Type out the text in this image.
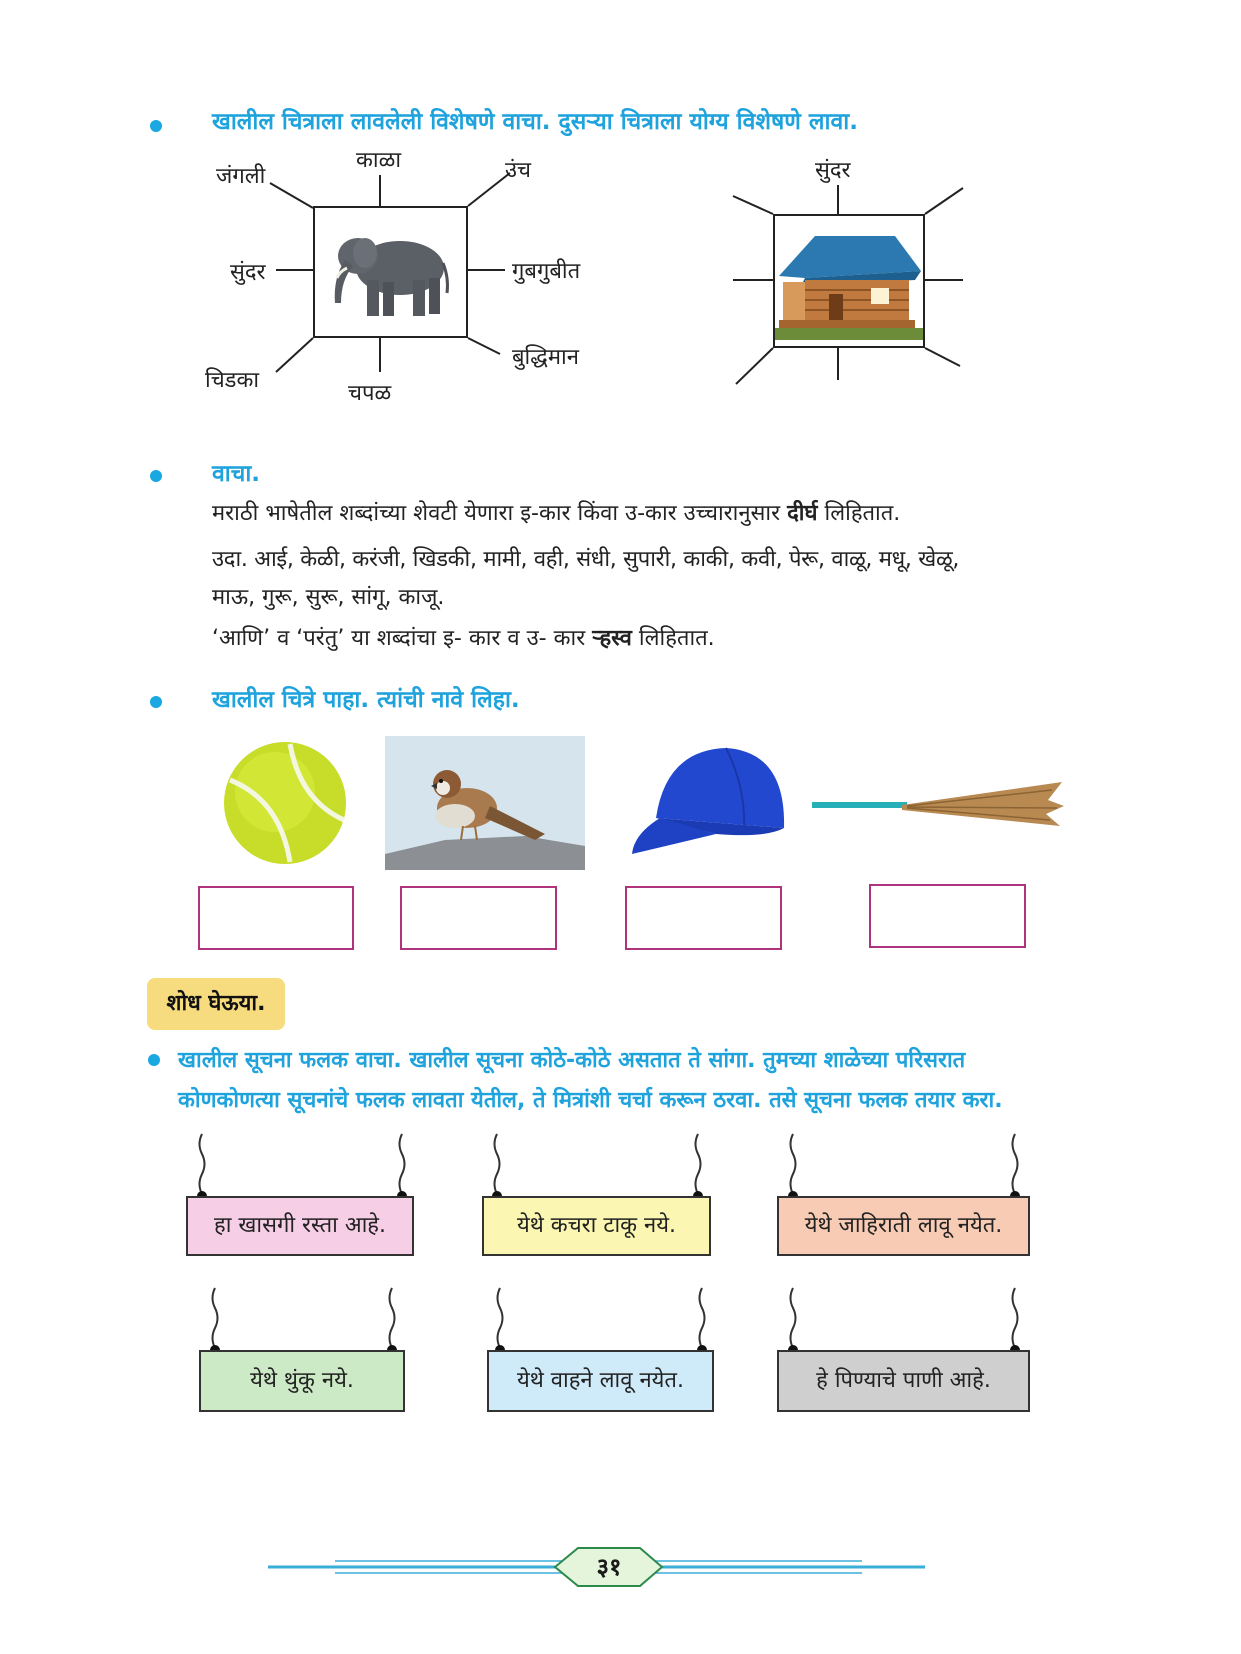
खालील चित्राला लावलेली विशेषणे वाचा. दुसऱ्या चित्राला योग्य विशेषणे लावा.
काळा
जंगली	उंच
सुंदर	गुबगुबीत
चिडका
चपळ
बुद्धिमान
सुंदर
वाचा.
मराठी भाषेतील शब्दांच्या शेवटी येणारा इ-कार किंवा उ-कार उच्चारानुसार दीर्घ लिहितात.
उदा. आई, केळी, करंजी, खिडकी, मामी, वही, संधी, सुपारी, काकी, कवी, पेरू, वाळू, मधू, खेळू,
माऊ, गुरू, सुरू, सांगू, काजू.
‘आणि’ व ‘परंतु’ या शब्दांचा इ- कार व उ- कार ऱ्हस्व लिहितात.
खालील चित्रे पाहा. त्यांची नावे लिहा.
शोध घेऊया.
खालील सूचना फलक वाचा. खालील सूचना कोठे-कोठे असतात ते सांगा. तुमच्या शाळेच्या परिसरात
कोणकोणत्या सूचनांचे फलक लावता येतील, ते मित्रांशी चर्चा करून ठरवा. तसे सूचना फलक तयार करा.
हा खासगी रस्ता आहे.	येथे कचरा टाकू नये.	येथे जाहिराती लावू नयेत.
येथे थुंकू नये.	येथे वाहने लावू नयेत.	हे पिण्याचे पाणी आहे.
३१
